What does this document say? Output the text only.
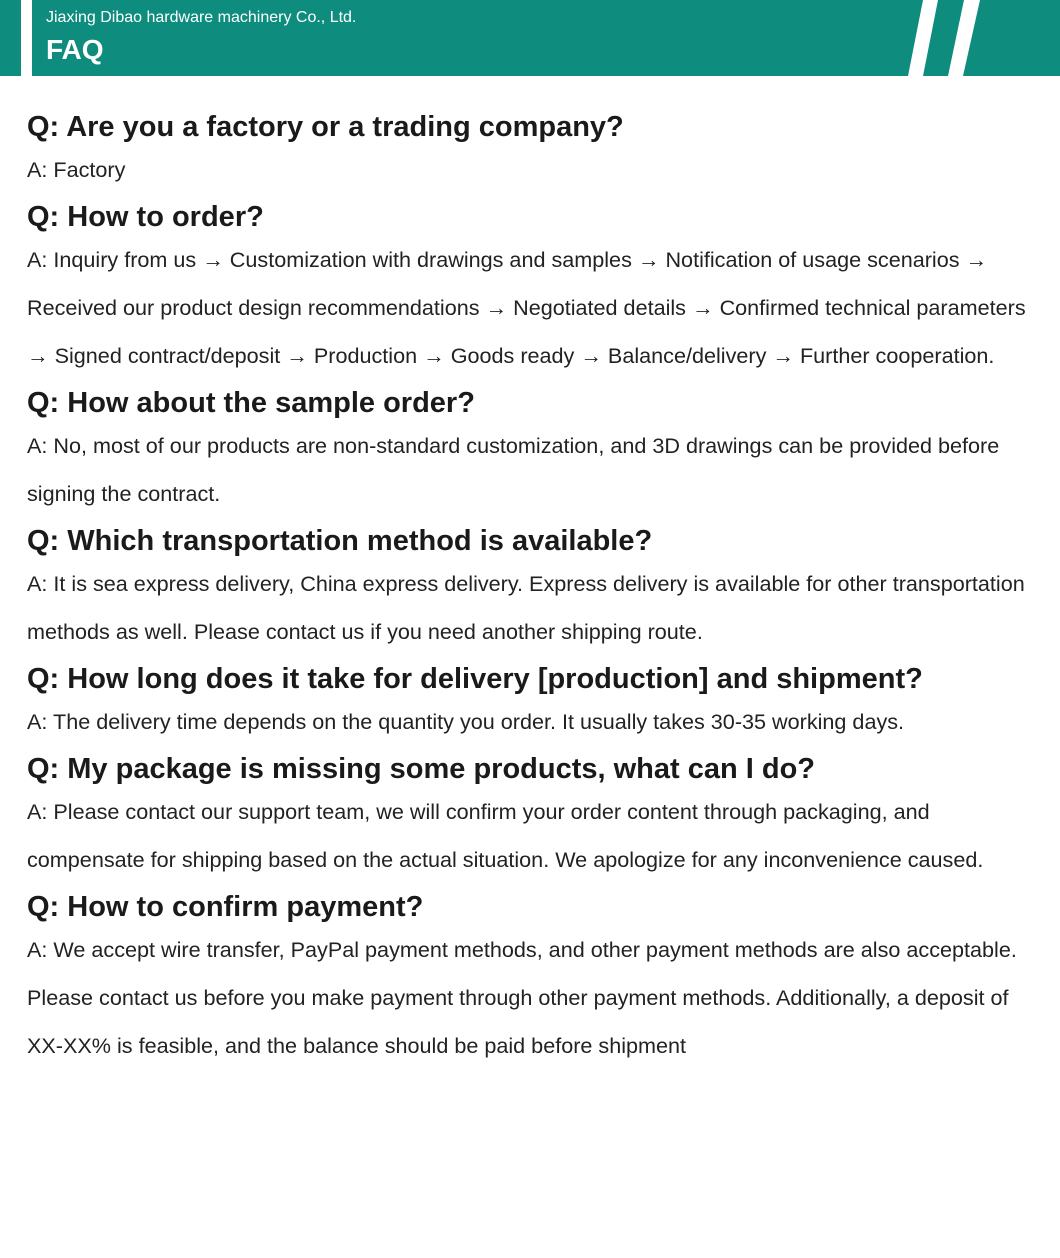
Jiaxing Dibao hardware machinery Co., Ltd.
FAQ
Q: Are you a factory or a trading company?

A: Factory

Q: How to order?

A: Inquiry from us → Customization with drawings and samples → Notification of usage scenarios → Received our product design recommendations → Negotiated details → Confirmed technical parameters → Signed contract/deposit → Production → Goods ready → Balance/delivery → Further cooperation.

Q: How about the sample order?

A: No, most of our products are non-standard customization, and 3D drawings can be provided before signing the contract.

Q: Which transportation method is available?

A: It is sea express delivery, China express delivery. Express delivery is available for other transportation methods as well. Please contact us if you need another shipping route.

Q: How long does it take for delivery [production] and shipment?

A: The delivery time depends on the quantity you order. It usually takes 30-35 working days.

Q: My package is missing some products, what can I do?

A: Please contact our support team, we will confirm your order content through packaging, and compensate for shipping based on the actual situation. We apologize for any inconvenience caused.

Q: How to confirm payment?

A: We accept wire transfer, PayPal payment methods, and other payment methods are also acceptable. Please contact us before you make payment through other payment methods. Additionally, a deposit of XX-XX% is feasible, and the balance should be paid before shipment
